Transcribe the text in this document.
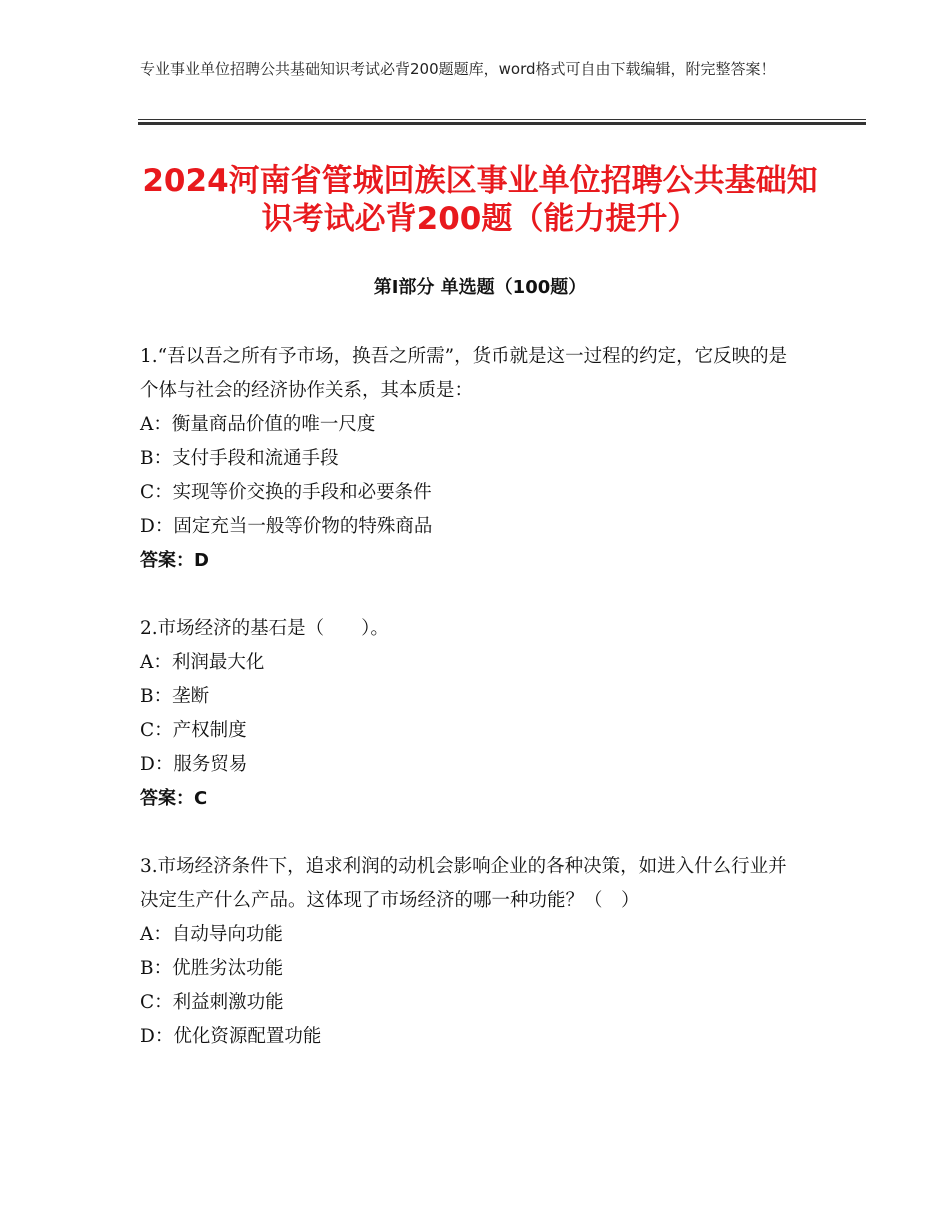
专业事业单位招聘公共基础知识考试必背200题题库，word格式可自由下载编辑，附完整答案！
2024河南省管城回族区事业单位招聘公共基础知识考试必背200题（能力提升）
第Ⅰ部分 单选题（100题）

1.“吾以吾之所有予市场，换吾之所需”，货币就是这一过程的约定，它反映的是个体与社会的经济协作关系，其本质是：

A：衡量商品价值的唯一尺度

B：支付手段和流通手段

C：实现等价交换的手段和必要条件

D：固定充当一般等价物的特殊商品

答案：D

2.市场经济的基石是（　　）。

A：利润最大化

B：垄断

C：产权制度

D：服务贸易

答案：C

3.市场经济条件下，追求利润的动机会影响企业的各种决策，如进入什么行业并决定生产什么产品。这体现了市场经济的哪一种功能？（　）

A：自动导向功能

B：优胜劣汰功能

C：利益刺激功能

D：优化资源配置功能
